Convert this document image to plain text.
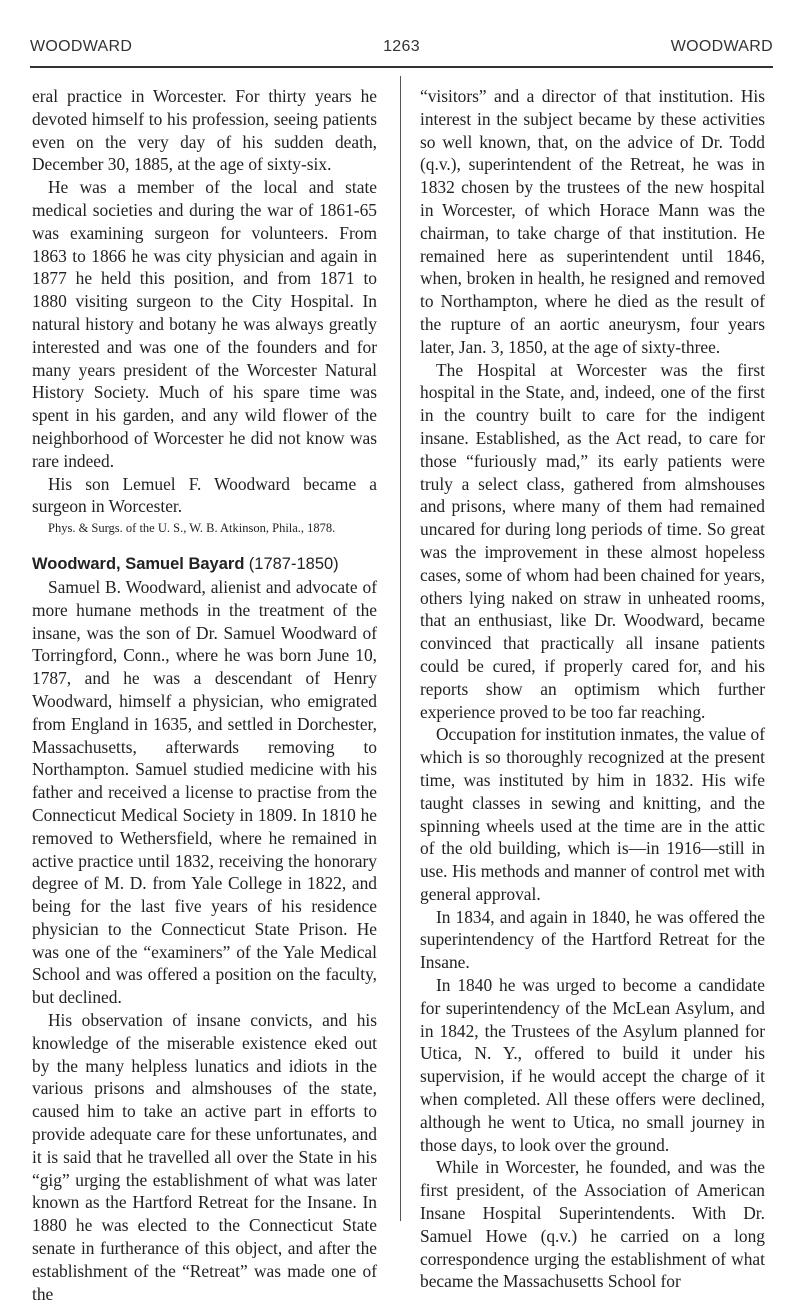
WOODWARD	1263	WOODWARD

eral practice in Worcester. For thirty years he devoted himself to his profession, seeing patients even on the very day of his sudden death, December 30, 1885, at the age of sixty-six.

He was a member of the local and state medical societies and during the war of 1861-65 was examining surgeon for volunteers. From 1863 to 1866 he was city physician and again in 1877 he held this position, and from 1871 to 1880 visiting surgeon to the City Hospital. In natural history and botany he was always greatly interested and was one of the founders and for many years president of the Worcester Natural History Society. Much of his spare time was spent in his garden, and any wild flower of the neighborhood of Worcester he did not know was rare indeed.

His son Lemuel F. Woodward became a surgeon in Worcester.

Phys. & Surgs. of the U. S., W. B. Atkinson, Phila., 1878.

Woodward, Samuel Bayard (1787-1850)

Samuel B. Woodward, alienist and advocate of more humane methods in the treatment of the insane, was the son of Dr. Samuel Woodward of Torringford, Conn., where he was born June 10, 1787, and he was a descendant of Henry Woodward, himself a physician, who emigrated from England in 1635, and settled in Dorchester, Massachusetts, afterwards removing to Northampton. Samuel studied medicine with his father and received a license to practise from the Connecticut Medical Society in 1809. In 1810 he removed to Wethersfield, where he remained in active practice until 1832, receiving the honorary degree of M. D. from Yale College in 1822, and being for the last five years of his residence physician to the Connecticut State Prison. He was one of the “examiners” of the Yale Medical School and was offered a position on the faculty, but declined.

His observation of insane convicts, and his knowledge of the miserable existence eked out by the many helpless lunatics and idiots in the various prisons and almshouses of the state, caused him to take an active part in efforts to provide adequate care for these unfortunates, and it is said that he travelled all over the State in his “gig” urging the establishment of what was later known as the Hartford Retreat for the Insane. In 1880 he was elected to the Connecticut State senate in furtherance of this object, and after the establishment of the “Retreat” was made one of the

“visitors” and a director of that institution. His interest in the subject became by these activities so well known, that, on the advice of Dr. Todd (q.v.), superintendent of the Retreat, he was in 1832 chosen by the trustees of the new hospital in Worcester, of which Horace Mann was the chairman, to take charge of that institution. He remained here as superintendent until 1846, when, broken in health, he resigned and removed to Northampton, where he died as the result of the rupture of an aortic aneurysm, four years later, Jan. 3, 1850, at the age of sixty-three.

The Hospital at Worcester was the first hospital in the State, and, indeed, one of the first in the country built to care for the indigent insane. Established, as the Act read, to care for those “furiously mad,” its early patients were truly a select class, gathered from almshouses and prisons, where many of them had remained uncared for during long periods of time. So great was the improvement in these almost hopeless cases, some of whom had been chained for years, others lying naked on straw in unheated rooms, that an enthusiast, like Dr. Woodward, became convinced that practically all insane patients could be cured, if properly cared for, and his reports show an optimism which further experience proved to be too far reaching.

Occupation for institution inmates, the value of which is so thoroughly recognized at the present time, was instituted by him in 1832. His wife taught classes in sewing and knitting, and the spinning wheels used at the time are in the attic of the old building, which is—in 1916—still in use. His methods and manner of control met with general approval.

In 1834, and again in 1840, he was offered the superintendency of the Hartford Retreat for the Insane.

In 1840 he was urged to become a candidate for superintendency of the McLean Asylum, and in 1842, the Trustees of the Asylum planned for Utica, N. Y., offered to build it under his supervision, if he would accept the charge of it when completed. All these offers were declined, although he went to Utica, no small journey in those days, to look over the ground.

While in Worcester, he founded, and was the first president, of the Association of American Insane Hospital Superintendents. With Dr. Samuel Howe (q.v.) he carried on a long correspondence urging the establishment of what became the Massachusetts School for
